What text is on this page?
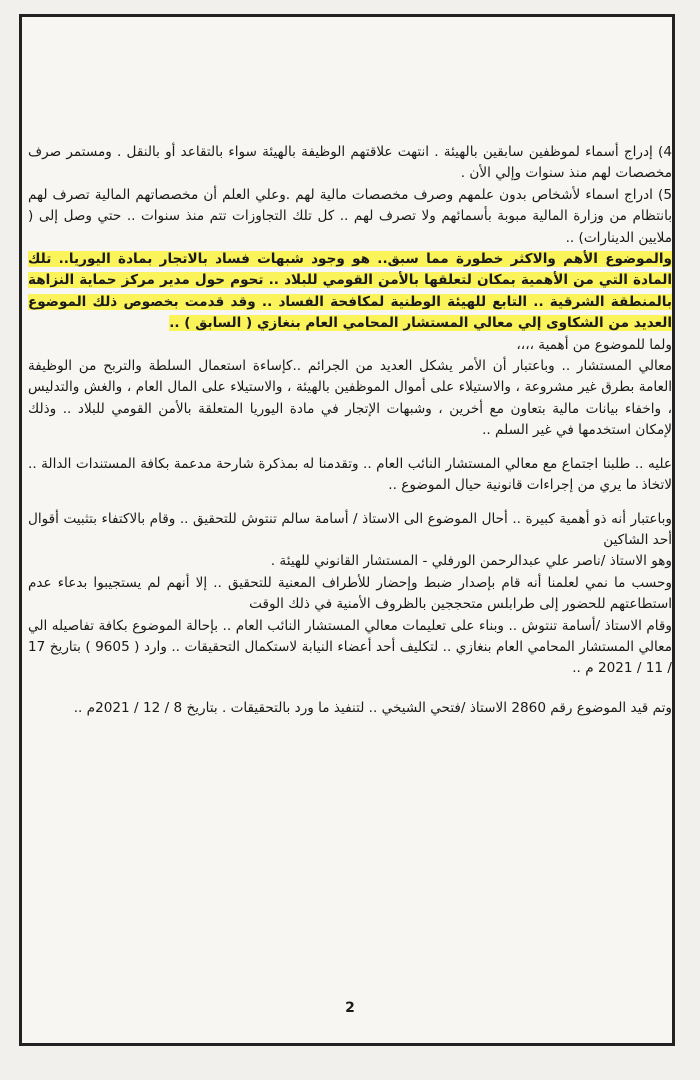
4) إدراج أسماء لموظفين سابقين بالهيئة . انتهت علاقتهم الوظيفة بالهيئة سواء بالتقاعد أو بالنقل . ومستمر صرف مخصصات لهم منذ سنوات وإلي الأن .

5) ادراج اسماء لأشخاص بدون علمهم وصرف مخصصات مالية لهم .وعلي العلم أن مخصصاتهم المالية تصرف لهم بانتظام من وزارة المالية مبوبة بأسمائهم ولا تصرف لهم .. كل تلك التجاوزات تتم منذ سنوات .. حتي وصل إلى ( ملايين الدينارات) ..

والموضوع الأهم والاكثر خطورة مما سبق.. هو وجود شبهات فساد بالاتجار بمادة اليوريا.. تلك المادة التي من الأهمية بمكان لتعلقها بالأمن القومي للبلاد .. تحوم حول مدير مركز حماية النزاهة بالمنطقة الشرقية .. التابع للهيئة الوطنية لمكافحة الفساد .. وقد قدمت بخصوص ذلك الموضوع العديد من الشكاوى إلي معالي المستشار المحامي العام بنغازي ( السابق ) ..

ولما للموضوع من أهمية ،،،،

معالي المستشار .. وباعتبار أن الأمر يشكل العديد من الجرائم ..كإساءة استعمال السلطة والتربح من الوظيفة العامة بطرق غير مشروعة ، والاستيلاء على أموال الموظفين بالهيئة ، والاستيلاء على المال العام ، والغش والتدليس ، واخفاء بيانات مالية بتعاون مع أخرين ، وشبهات الإتجار في مادة اليوريا المتعلقة بالأمن القومي للبلاد .. وذلك لإمكان استخدمها في غير السلم ..

عليه .. طلبنا اجتماع مع معالي المستشار النائب العام .. وتقدمنا له بمذكرة شارحة مدعمة بكافة المستندات الدالة .. لاتخاذ ما يري من إجراءات قانونية حيال الموضوع ..

وباعتبار أنه ذو أهمية كبيرة .. أحال الموضوع الى الاستاذ / أسامة سالم تنتوش للتحقيق .. وقام بالاكتفاء بتثبيت أقوال أحد الشاكين

وهو الاستاذ /ناصر علي عبدالرحمن الورفلي - المستشار القانوني للهيئة .

وحسب ما نمي لعلمنا أنه قام بإصدار ضبط وإحضار للأطراف المعنية للتحقيق .. إلا أنهم لم يستجيبوا بدعاء عدم استطاعتهم للحضور إلى طرابلس متحججين بالظروف الأمنية في ذلك الوقت

وقام الاستاذ /أسامة تنتوش .. وبناء على تعليمات معالي المستشار النائب العام .. بإحالة الموضوع بكافة تفاصيله الي معالي المستشار المحامي العام بنغازي .. لتكليف أحد أعضاء النيابة لاستكمال التحقيقات .. وارد ( 9605 ) بتاريخ 17 / 11 / 2021 م ..

وتم قيد الموضوع رقم 2860 الاستاذ /فتحي الشيخي .. لتنفيذ ما ورد بالتحقيقات . بتاريخ 8 / 12 / 2021م ..

2
